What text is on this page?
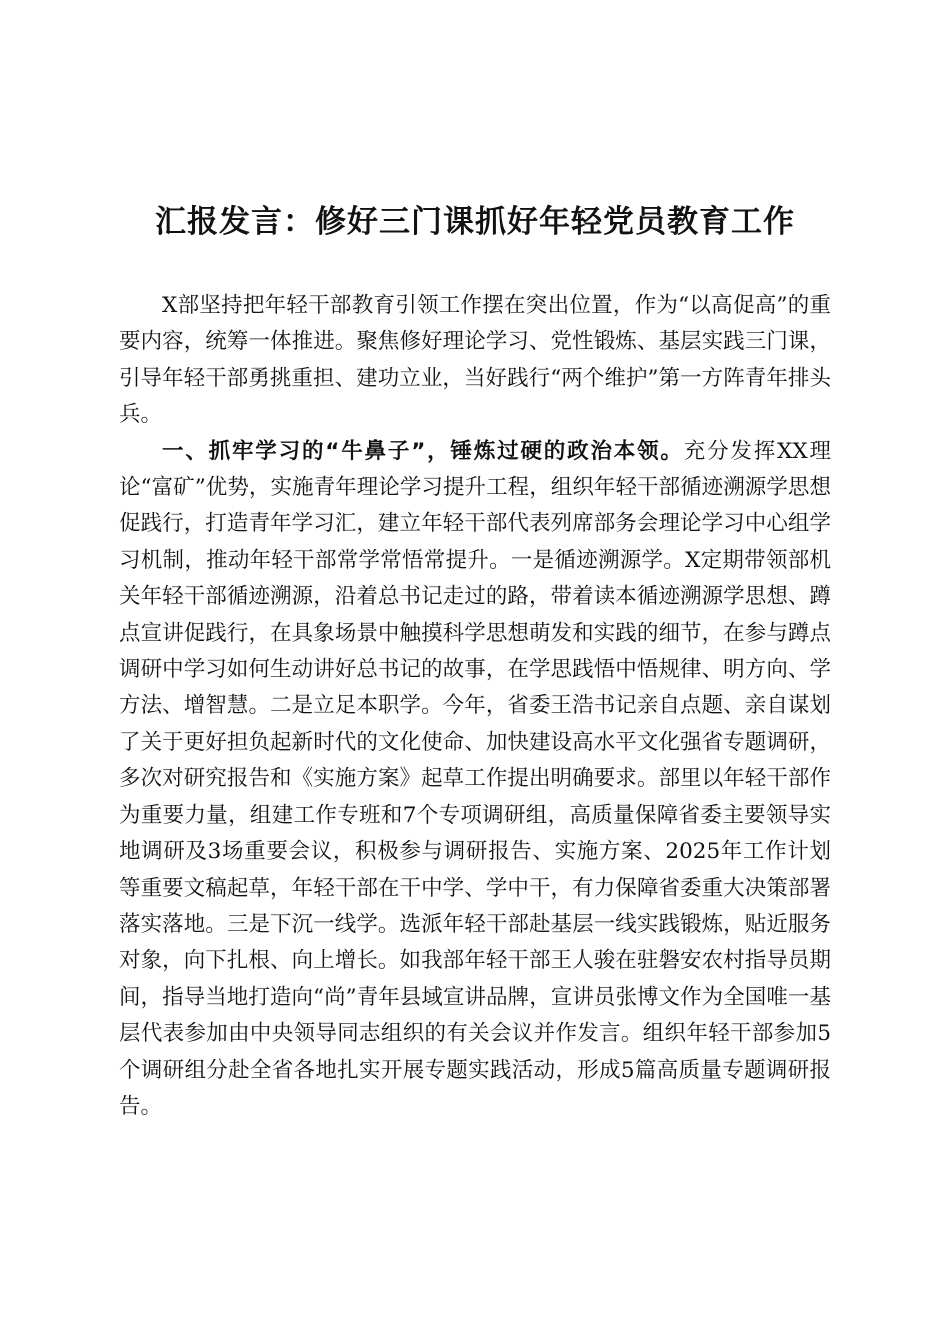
汇报发言：修好三门课抓好年轻党员教育工作

X部坚持把年轻干部教育引领工作摆在突出位置，作为“以高促高”的重要内容，统筹一体推进。聚焦修好理论学习、党性锻炼、基层实践三门课，引导年轻干部勇挑重担、建功立业，当好践行“两个维护”第一方阵青年排头兵。

一、抓牢学习的“牛鼻子”，锤炼过硬的政治本领。充分发挥XX理论“富矿”优势，实施青年理论学习提升工程，组织年轻干部循迹溯源学思想促践行，打造青年学习汇，建立年轻干部代表列席部务会理论学习中心组学习机制，推动年轻干部常学常悟常提升。一是循迹溯源学。X定期带领部机关年轻干部循迹溯源，沿着总书记走过的路，带着读本循迹溯源学思想、蹲点宣讲促践行，在具象场景中触摸科学思想萌发和实践的细节，在参与蹲点调研中学习如何生动讲好总书记的故事，在学思践悟中悟规律、明方向、学方法、增智慧。二是立足本职学。今年，省委王浩书记亲自点题、亲自谋划了关于更好担负起新时代的文化使命、加快建设高水平文化强省专题调研，多次对研究报告和《实施方案》起草工作提出明确要求。部里以年轻干部作为重要力量，组建工作专班和7个专项调研组，高质量保障省委主要领导实地调研及3场重要会议，积极参与调研报告、实施方案、2025年工作计划等重要文稿起草，年轻干部在干中学、学中干，有力保障省委重大决策部署落实落地。三是下沉一线学。选派年轻干部赴基层一线实践锻炼，贴近服务对象，向下扎根、向上增长。如我部年轻干部王人骏在驻磐安农村指导员期间，指导当地打造向“尚”青年县域宣讲品牌，宣讲员张博文作为全国唯一基层代表参加由中央领导同志组织的有关会议并作发言。组织年轻干部参加5个调研组分赴全省各地扎实开展专题实践活动，形成5篇高质量专题调研报告。
